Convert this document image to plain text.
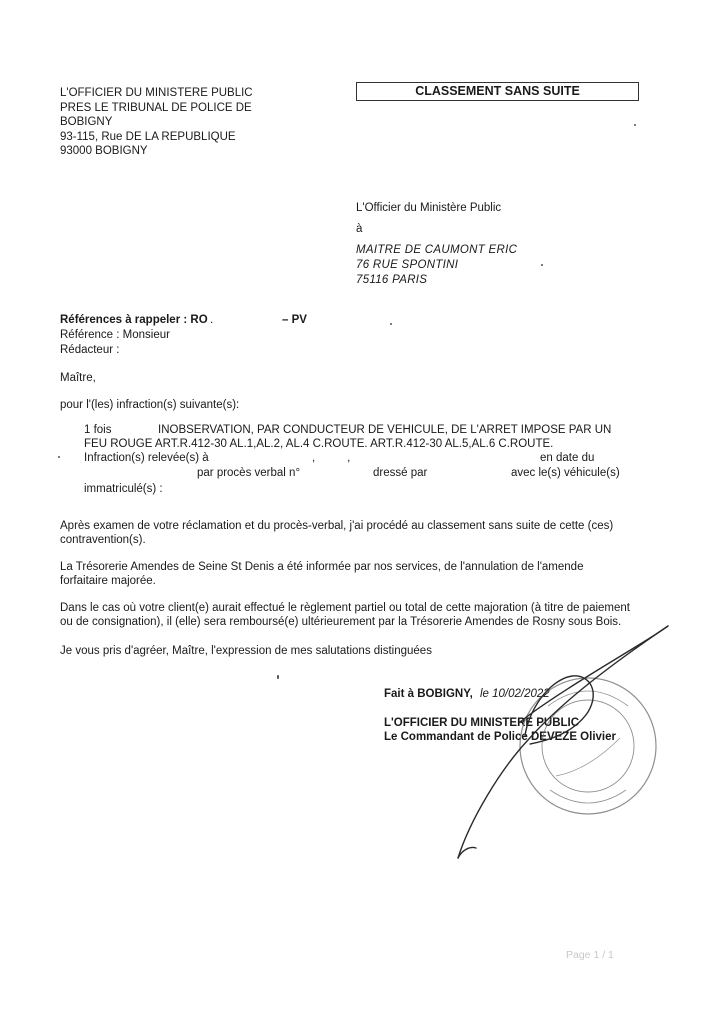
L'OFFICIER DU MINISTERE PUBLIC
PRES LE TRIBUNAL DE POLICE DE
BOBIGNY
93-115, Rue DE LA REPUBLIQUE
93000 BOBIGNY
CLASSEMENT SANS SUITE
L'Officier du Ministère Public
à
MAITRE DE CAUMONT ERIC
76 RUE SPONTINI
75116 PARIS
Références à rappeler : RO .	– PV
Référence : Monsieur
Rédacteur :
Maître,
pour l'(les) infraction(s) suivante(s):
1 fois	INOBSERVATION, PAR CONDUCTEUR DE VEHICULE, DE L'ARRET IMPOSE PAR UN
FEU ROUGE ART.R.412-30 AL.1,AL.2, AL.4 C.ROUTE. ART.R.412-30 AL.5,AL.6 C.ROUTE.
Infraction(s) relevée(s) à	,          ,	en date du
par procès verbal n°	dressé par	avec le(s) véhicule(s)
immatriculé(s) :
Après examen de votre réclamation et du procès-verbal, j'ai procédé au classement sans suite de cette (ces) contravention(s).
La Trésorerie Amendes de Seine St Denis a été informée par nos services, de l'annulation de l'amende forfaitaire majorée.
Dans le cas où votre client(e) aurait effectué le règlement partiel ou total de cette majoration (à titre de paiement ou de consignation), il (elle) sera remboursé(e) ultérieurement par la Trésorerie Amendes de Rosny sous Bois.
Je vous pris d'agréer, Maître, l'expression de mes salutations distinguées
Fait à BOBIGNY, le 10/02/2022
L'OFFICIER DU MINISTERE PUBLIC
Le Commandant de Police DEVEZE Olivier
Page 1 / 1
